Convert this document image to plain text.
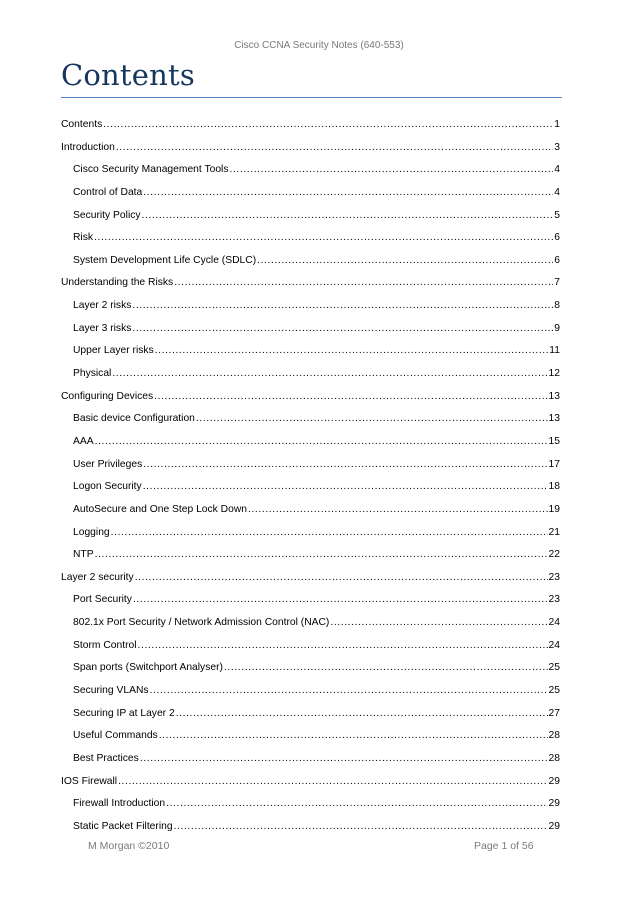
Cisco CCNA Security Notes (640-553)
Contents
Contents .....	1
Introduction .....	3
Cisco Security Management Tools .....	4
Control of Data .....	4
Security Policy .....	5
Risk .....	6
System Development Life Cycle (SDLC) .....	6
Understanding the Risks .....	7
Layer 2 risks .....	8
Layer 3 risks .....	9
Upper Layer risks .....	11
Physical .....	12
Configuring Devices .....	13
Basic device Configuration .....	13
AAA .....	15
User Privileges .....	17
Logon Security .....	18
AutoSecure and One Step Lock Down .....	19
Logging .....	21
NTP .....	22
Layer 2 security .....	23
Port Security .....	23
802.1x Port Security / Network Admission Control (NAC) .....	24
Storm Control .....	24
Span ports (Switchport Analyser) .....	25
Securing VLANs .....	25
Securing IP at Layer 2 .....	27
Useful Commands .....	28
Best Practices .....	28
IOS Firewall .....	29
Firewall Introduction .....	29
Static Packet Filtering .....	29
M Morgan ©2010	Page 1 of 56
